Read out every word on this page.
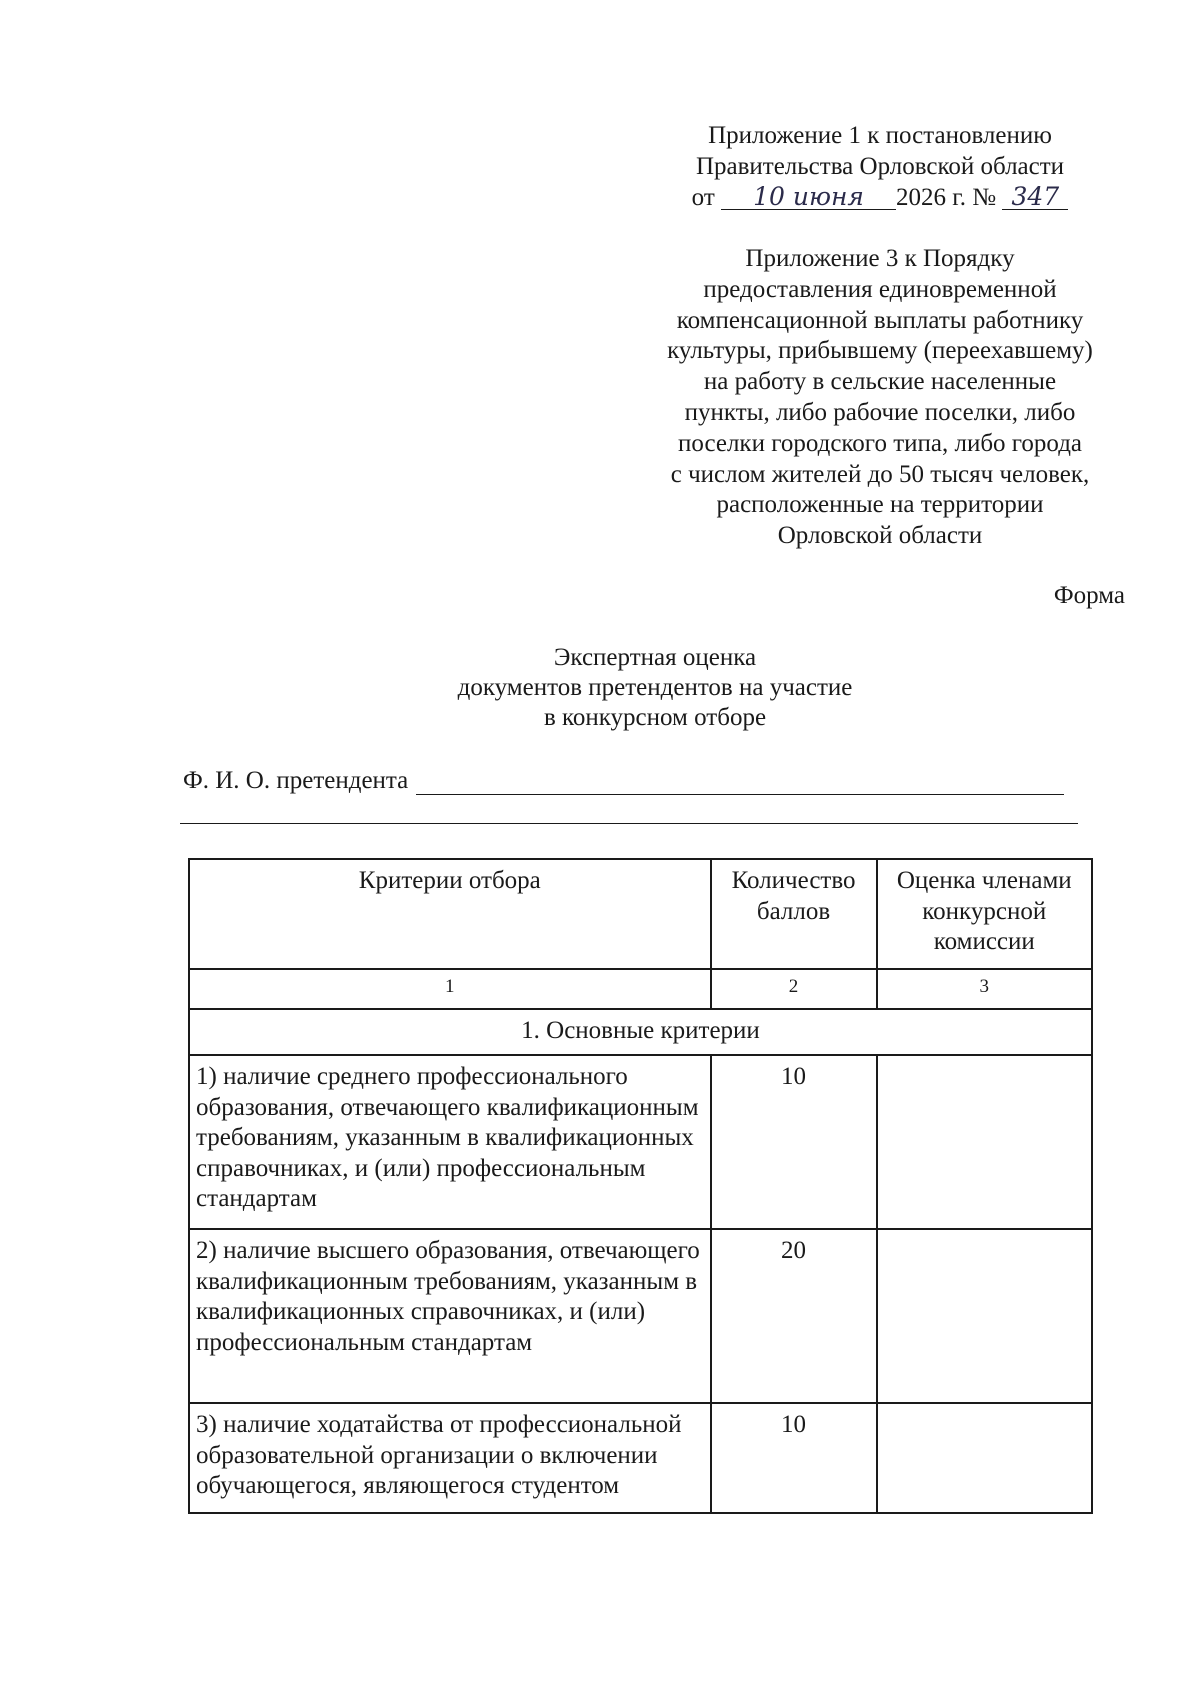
Приложение 1 к постановлению
Правительства Орловской области
от 10 июня 2026 г. № 347
Приложение 3 к Порядку
предоставления единовременной
компенсационной выплаты работнику
культуры, прибывшему (переехавшему)
на работу в сельские населенные
пункты, либо рабочие поселки, либо
поселки городского типа, либо города
с числом жителей до 50 тысяч человек,
расположенные на территории
Орловской области
Форма
Экспертная оценка
документов претендентов на участие
в конкурсном отборе
Ф. И. О. претендента
Критерии отбора	Количество баллов	Оценка членами конкурсной комиссии
1	2	3
1. Основные критерии		
1) наличие среднего профессионального образования, отвечающего квалификационным требованиям, указанным в квалификационных справочниках, и (или) профессиональным стандартам	10	
2) наличие высшего образования, отвечающего квалификационным требованиям, указанным в квалификационных справочниках, и (или) профессиональным стандартам	20	
3) наличие ходатайства от профессиональной образовательной организации о включении обучающегося, являющегося студентом	10	
